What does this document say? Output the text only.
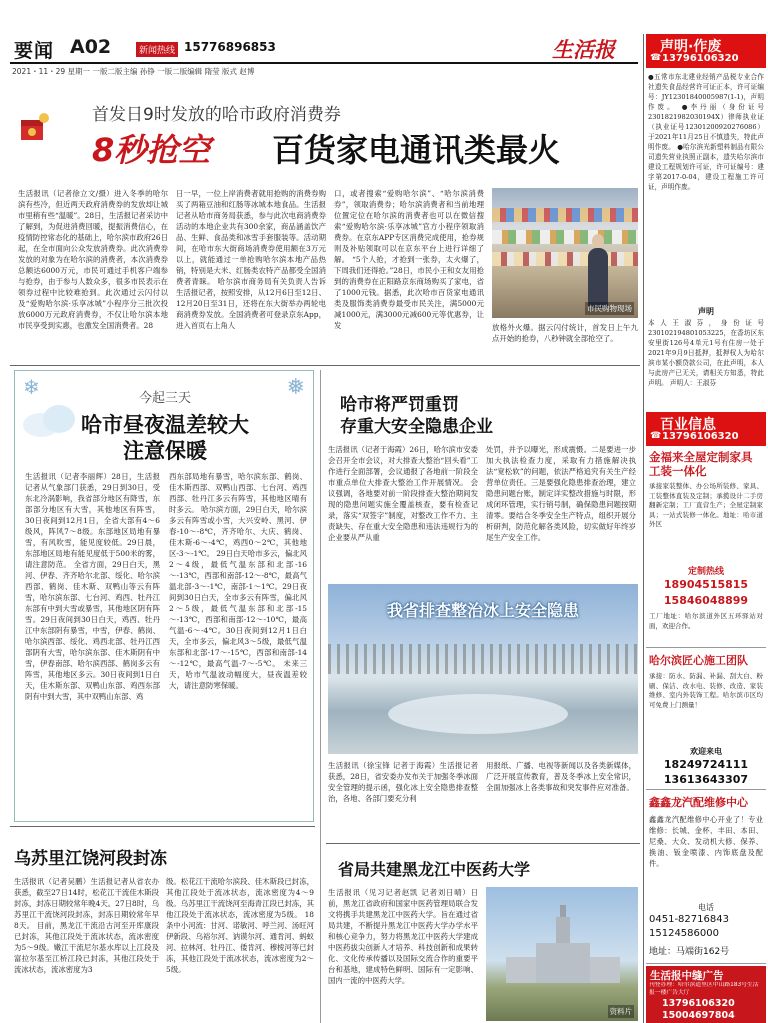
要闻 A02	新闻热线 15776896853	生活报
2021・11・29 星期一 一版二版主编 孙铮 一版二版编辑 隋莹 版式 赵博
首发日9时发放的哈市政府消费券
8秒抢空 百货家电通讯类最火
生活报讯（记者徐立文/摄）进入冬季的哈尔滨有些冷，但近两天政府消费券的发放却让城市里稍有些“温暖”。28日，生活报记者采访中了解到，为促进消费回暖，提振消费信心，在疫情防控常态化的基础上，哈尔滨市政府26日起，在全市面向公众发放消费券。此次消费券发放的对象为在哈尔滨的消费者，本次消费券总额达6000万元，市民可通过手机客户端参与抢券，由于参与人数众多，很多市民表示在领券过程中比较难抢到。此次通过云闪付以及“爱购哈尔滨·乐享冰城”小程序分三批次投放6000万元政府消费券，不仅让哈尔滨本地市民享受到实惠，也激发全国消费者。28
日一早，一位上岸消费者就用抢购的消费券购买了两箱豆油和红肠等冰城本地食品。生活报记者从哈市商务局获悉，参与此次电商消费券活动的本地企业共有300余家，商品涵盖饮产品、生鲜、食品类和冰雪手套服装等。活动期间，在哈市东大街商场消费券使用额在3万元以上，就能通过一单抢购哈尔滨本地产品热销，特别是大米、红肠类农特产品都受全国消费者青睐。 哈尔滨市商务局有关负责人告诉生活报记者，按照安排，从12月6日至12日、12月20日至31日，还将在东大街举办两轮电商消费券发放。全国消费者可登录京东App，进入首页右上角人
口，或者搜索“爱购哈尔滨”、“哈尔滨消费券”，领取消费券；哈尔滨消费者和当前地理位置定位在哈尔滨的消费者也可以在微信搜索“爱购哈尔滨·乐享冰城”官方小程序领取消费券。在京东APP专区消费完成使用，抢券规则及补贴领取可以在京东平台上进行详细了解。 “5个人抢，才抢到一张券，太火爆了，下周我们还得抢。”28日，市民小王和女友用抢到的消费券在正阳路京东商场购买了家电，省了1000元钱。据悉，此次哈市百货家电通讯类及服饰类消费券最受市民关注，满5000元减1000元，满3000元减600元等优惠券，让发
市民购物现场
放格外火爆。据云闪付统计，首发日上午九点开始的抢券，八秒钟就全部抢空了。
❄	❅
今起三天
哈市昼夜温差较大
注意保暖
生活报讯（记者李丽辉）28日，生活报记者从气象部门获悉，29日到30日，受东北冷涡影响，我省部分地区有降雪，东部部分地区有大雪，其他地区有阵雪，30日夜间到12月1日，全省大部有4～6级风，阵风7～8级。东部地区局地有暴雪，有风吹雪，能见度较低。29日晨，东部地区局地有能见度低于500米的雾，请注意防范。 全省方面，29日白天，黑河、伊春、齐齐哈尔北部、绥化、哈尔滨西部、鹤岗、佳木斯、双鸭山等云有阵雪，哈尔滨东部、七台河、鸡西、牡丹江东部有中到大雪或暴雪，其他地区阴有阵雪。29日夜间到30日白天，鸡西、牡丹江中东部阴有暴雪，中雪，伊春、鹤岗、哈尔滨西部、绥化、鸡西北部、牡丹江西部阴有大雪，哈尔滨东部、佳木斯阴有中雪，伊春南部、哈尔滨西部、鹤岗多云有阵雪，其他地区多云。30日夜间到1日白天，佳木斯东部、双鸭山东部、鸡西东部阴有中到大雪，其中双鸭山东部、鸡
西东部局地有暴雪，哈尔滨东部、鹤岗、佳木斯西部、双鸭山西部、七台河、鸡西西部、牡丹江多云有阵雪，其他地区晴有时多云。 哈尔滨方面，29日白天，哈尔滨多云有阵雪或小雪，大兴安岭、黑河、伊春-10～-8℃，齐齐哈尔、大庆、鹤岗、佳木斯-6～-4℃，鸡西0～2℃，其他地区-3～-1℃。 29日白天哈市多云，偏北风2～4级，最低气温东部和北部-16～-13℃，西部和南部-12～-8℃，最高气温北部-3～-1℃，南部-1～1℃。29日夜间到30日白天，全市多云有阵雪，偏北风2～5级，最低气温东部和北部-15～-13℃，西部和南部-12～-10℃，最高气温-6～-4℃。30日夜间到12月1日白天，全市多云，偏北风3～5级，最低气温东部和北部-17～-15℃，西部和南部-14～-12℃，最高气温-7～-5℃。 未来三天，哈市气温波动幅度大，昼夜温差较大，请注意防寒保暖。
哈市将严罚重罚
存重大安全隐患企业
生活报讯（记者于海霞）26日，哈尔滨市安委会召开全市会议，对大排查大整治“回头看”工作进行全面部署，会议通报了各地前一阶段全市重点单位大排查大整治工作开展情况。 会议强调，各地要对前一阶段排查大整治期间发现的隐患问题实施全覆盖核查，要有检查记录，落实“双签字”制度，对整改工作不力、主责缺失、存在重大安全隐患和违法违规行为的企业要从严从重
处罚，并予以曝光，形成震慑。二是要进一步加大执法检查力度，采取有力措施解决执法“宽松软”的问题，依法严格追究有关生产经营单位责任。三是要强化隐患排查治理，建立隐患问题台账，制定详实整改措施与时限，形成闭环管理，实行销号制，确保隐患问题按期清零。要结合冬季安全生产特点，组织开展分析研判，防范化解各类风险，切实做好年终岁尾生产安全工作。
我省排查整治冰上安全隐患
生活报讯（徐宝锋 记者于海霞）生活报记者获悉，28日，省安委办发布关于加强冬季冰面安全管理的提示函，强化冰上安全隐患排查整治，各地、各部门要充分利
用报纸、广播、电视等新闻以及各类新媒体，广泛开展宣传教育，普及冬季冰上安全常识，全面加强冰上各类事故和突发事件应对准备。
乌苏里江饶河段封冻
生活报讯（记者吴鹏）生活报记者从省农办获悉，截至27日14时，松花江干流佳木斯段封冻，封冻日期较常年晚4天。27日8时，乌苏里江干流饶河段封冻，封冻日期较常年早8天。 目前，黑龙江干流沿古河至开库康段已封冻，其他江段处于流冰状态，流冰密度为5～9级。嫩江干流尼尔基水库以上江段及富拉尔基至江桥江段已封冻，其他江段处于流冰状态，流冰密度为3
级。松花江干流哈尔滨段、佳木斯段已封冻，其他江段处于流冰状态，流冰密度为4～9级。乌苏里江干流饶河至海青江段已封冻，其他江段处于流冰状态，流冰密度为5级。 18条中小河流：甘河、诺敏河、呼兰河、汤旺河伊新段、乌裕尔河、讷谟尔河、通肯河、蚂蚁河、拉林河、牡丹江、倭肯河、穆棱河等已封冻，其他江段处于流冰状态，流冰密度为2～5级。
省局共建黑龙江中医药大学
生活报讯（见习记者赵凯 记者刘日晴）日前，黑龙江省政府和国家中医药管理局联合发文将携手共建黑龙江中医药大学。旨在通过省局共建，不断提升黑龙江中医药大学办学水平和核心竞争力，努力将黑龙江中医药大学建成中医药拔尖创新人才培养、科技创新和成果转化、文化传承传播以及国际交流合作的重要平台和基地，建成特色鲜明、国际有一定影响、国内一流的中医药大学。
资料片
声明·作废
☎ 13796106320
●五常市东北建业经销产品税专业合作社遗失食品经营许可证正本，许可证编号：JY12301840005987(1-1)，声明作废。 ●李丹丽（身份证号2301821982030194X）律师执业证（执业证号12301200920276086）于2021年11月25日不慎遗失，特此声明作废。 ●哈尔滨光新塑料制品有限公司遗失营业执照正副本，遗失哈尔滨市建设工程规划许可证，许可证编号：建字第2017-0-04，建设工程施工许可证，声明作废。
声明
本人王淑芬，身份证号230102194801053225，在香坊区东安里街126号4单元1号有住房一处于2021年9月9日抵押，抵押权人为哈尔滨市某小额贷款公司，在此声明，本人与此房产已无关，请相关方知悉，特此声明。 声明人：王淑芬
百业信息
☎ 13796106320
金福来全屋定制家具工装一体化
承接家装整体、办公场所装修、家具、工装整体直装及定制；承揽设计二手房翻新定制；工厂直营生产；全屋定制家具；一站式装修一体化。地址：哈市道外区
定制热线
18904515815
15846048899
工厂地址：哈尔滨道外区五环驿站对面，欢迎合作。
哈尔滨匠心施工团队
承接：防水、防漏、补漏、刮大白、粉刷、保洁、改水电、装修、改造、家装维修、室内外装饰工程。哈尔滨市区均可免费上门测量！
欢迎来电
18249724111
13613643307
鑫鑫龙汽配维修中心
鑫鑫龙汽配维修中心开业了！专业维修：长城、金杯、丰田、本田、尼桑、大众、发动机大修、保养、换油、钣金喷漆、内饰底盘及配件。
电话
0451-82716843
15124586000
地址：马端街162号
生活报中缝广告
刊登办理：哈尔滨道里区中山路183号生活报一楼广告大厅
13796106320
15004697804
